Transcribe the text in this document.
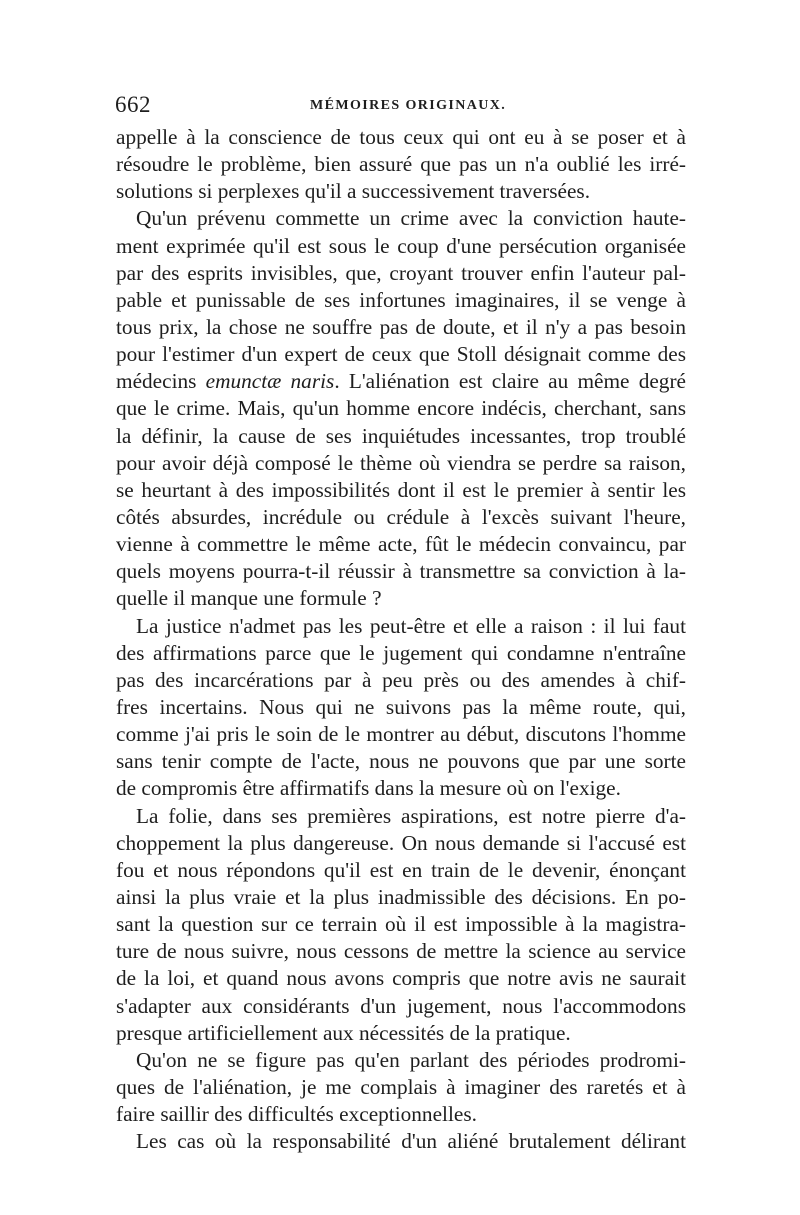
662	MÉMOIRES ORIGINAUX.
appelle à la conscience de tous ceux qui ont eu à se poser et à
résoudre le problème, bien assuré que pas un n'a oublié les irré-
solutions si perplexes qu'il a successivement traversées.
Qu'un prévenu commette un crime avec la conviction haute-
ment exprimée qu'il est sous le coup d'une persécution organisée
par des esprits invisibles, que, croyant trouver enfin l'auteur pal-
pable et punissable de ses infortunes imaginaires, il se venge à
tous prix, la chose ne souffre pas de doute, et il n'y a pas besoin
pour l'estimer d'un expert de ceux que Stoll désignait comme des
médecins emunctæ naris. L'aliénation est claire au même degré
que le crime. Mais, qu'un homme encore indécis, cherchant, sans
la définir, la cause de ses inquiétudes incessantes, trop troublé
pour avoir déjà composé le thème où viendra se perdre sa raison,
se heurtant à des impossibilités dont il est le premier à sentir les
côtés absurdes, incrédule ou crédule à l'excès suivant l'heure,
vienne à commettre le même acte, fût le médecin convaincu, par
quels moyens pourra-t-il réussir à transmettre sa conviction à la-
quelle il manque une formule ?
La justice n'admet pas les peut-être et elle a raison : il lui faut
des affirmations parce que le jugement qui condamne n'entraîne
pas des incarcérations par à peu près ou des amendes à chif-
fres incertains. Nous qui ne suivons pas la même route, qui,
comme j'ai pris le soin de le montrer au début, discutons l'homme
sans tenir compte de l'acte, nous ne pouvons que par une sorte
de compromis être affirmatifs dans la mesure où on l'exige.
La folie, dans ses premières aspirations, est notre pierre d'a-
choppement la plus dangereuse. On nous demande si l'accusé est
fou et nous répondons qu'il est en train de le devenir, énonçant
ainsi la plus vraie et la plus inadmissible des décisions. En po-
sant la question sur ce terrain où il est impossible à la magistra-
ture de nous suivre, nous cessons de mettre la science au service
de la loi, et quand nous avons compris que notre avis ne saurait
s'adapter aux considérants d'un jugement, nous l'accommodons
presque artificiellement aux nécessités de la pratique.
Qu'on ne se figure pas qu'en parlant des périodes prodromi-
ques de l'aliénation, je me complais à imaginer des raretés et à
faire saillir des difficultés exceptionnelles.
Les cas où la responsabilité d'un aliéné brutalement délirant
